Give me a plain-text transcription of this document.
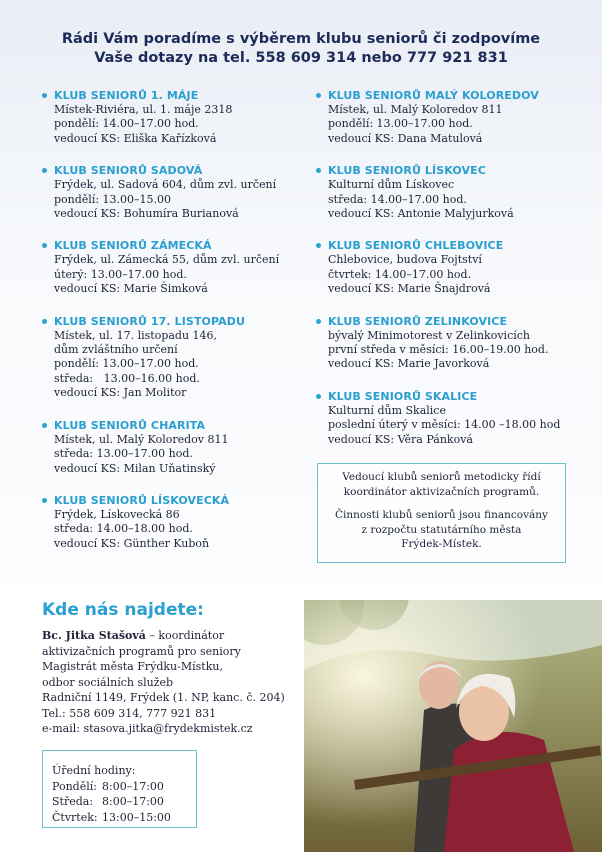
Rádi Vám poradíme s výběrem klubu seniorů či zodpovíme
Vaše dotazy na tel. 558 609 314 nebo 777 921 831
KLUB SENIORŮ 1. MÁJE
Místek-Riviéra, ul. 1. máje 2318
pondělí: 14.00–17.00 hod.
vedoucí KS: Eliška Kařízková
KLUB SENIORŮ SADOVÁ
Frýdek, ul. Sadová 604, dům zvl. určení
pondělí: 13.00–15.00
vedoucí KS: Bohumíra Burianová
KLUB SENIORŮ ZÁMECKÁ
Frýdek, ul. Zámecká 55, dům zvl. určení
úterý: 13.00–17.00 hod.
vedoucí KS: Marie Šimková
KLUB SENIORŮ 17. LISTOPADU
Místek, ul. 17. listopadu 146,
dům zvláštního určení
pondělí: 13.00–17.00 hod.
středa:   13.00–16.00 hod.
vedoucí KS: Jan Molitor
KLUB SENIORŮ CHARITA
Místek, ul. Malý Koloredov 811
středa: 13.00–17.00 hod.
vedoucí KS: Milan Uňatinský
KLUB SENIORŮ LÍSKOVECKÁ
Frýdek, Lískovecká 86
středa: 14.00–18.00 hod.
vedoucí KS: Günther Kuboň
KLUB SENIORŮ MALÝ KOLOREDOV
Místek, ul. Malý Koloredov 811
pondělí: 13.00–17.00 hod.
vedoucí KS: Dana Matulová
KLUB SENIORŮ LÍSKOVEC
Kulturní dům Lískovec
středa: 14.00–17.00 hod.
vedoucí KS: Antonie Malyjurková
KLUB SENIORŮ CHLEBOVICE
Chlebovice, budova Fojtství
čtvrtek: 14.00–17.00 hod.
vedoucí KS: Marie Šnajdrová
KLUB SENIORŮ ZELINKOVICE
bývalý Minimotorest v Zelinkovicích
první středa v měsíci: 16.00–19.00 hod.
vedoucí KS: Marie Javorková
KLUB SENIORŮ SKALICE
Kulturní dům Skalice
poslední úterý v měsíci: 14.00 –18.00 hod
vedoucí KS: Věra Pánková

Vedoucí klubů seniorů metodicky řídí
koordinátor aktivizačních programů.

Činnosti klubů seniorů jsou financovány
z rozpočtu statutárního města
Frýdek-Místek.

Kde nás najdete:
Bc. Jitka Stašová – koordinátor
aktivizačních programů pro seniory
Magistrát města Frýdku-Místku,
odbor sociálních služeb
Radniční 1149, Frýdek (1. NP, kanc. č. 204)
Tel.: 558 609 314, 777 921 831
e-mail: stasova.jitka@frydekmistek.cz
Úřední hodiny:
Pondělí: 8:00–17:00
Středa: 8:00–17:00
Čtvrtek: 13:00–15:00
